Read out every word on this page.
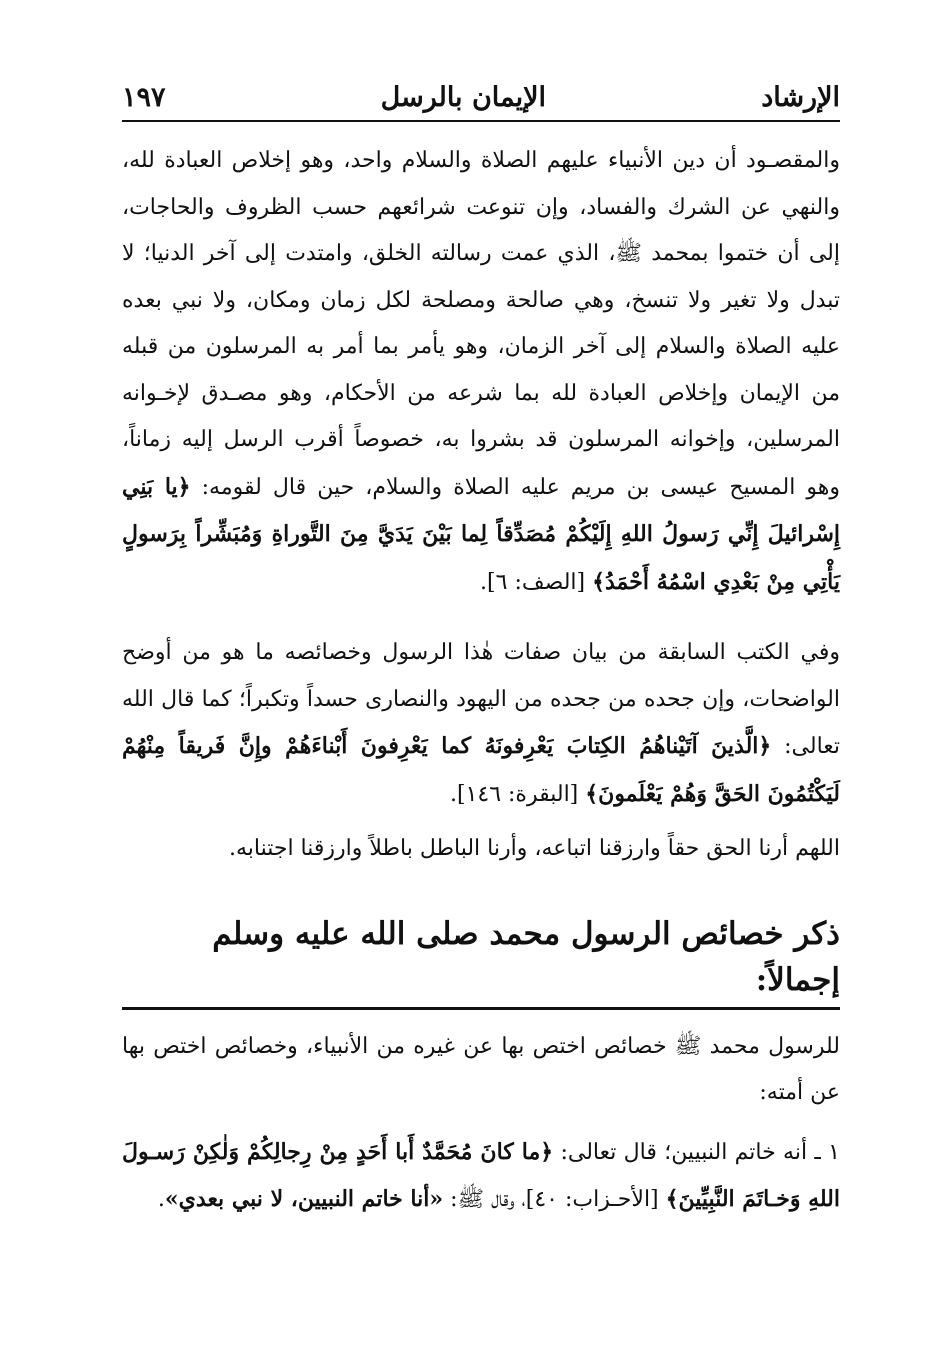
الإرشاد
الإيمان بالرسل
١٩٧

والمقصـود أن دين الأنبياء عليهم الصلاة والسلام واحد، وهو إخلاص العبادة لله، والنهي عن الشرك والفساد، وإن تنوعت شرائعهم حسب الظروف والحاجات، إلى أن ختموا بمحمد ﷺ، الذي عمت رسالته الخلق، وامتدت إلى آخر الدنيا؛ لا تبدل ولا تغير ولا تنسخ، وهي صالحة ومصلحة لكل زمان ومكان، ولا نبي بعده عليه الصلاة والسلام إلى آخر الزمان، وهو يأمر بما أمر به المرسلون من قبله من الإيمان وإخلاص العبادة لله بما شرعه من الأحكام، وهو مصـدق لإخـوانه المرسلين، وإخوانه المرسلون قد بشروا به، خصوصاً أقرب الرسل إليه زماناً، وهو المسيح عيسى بن مريم عليه الصلاة والسلام، حين قال لقومه: ﴿يا بَنِي إِسْرائيلَ إِنِّي رَسولُ اللهِ إِلَيْكُمْ مُصَدِّقاً لِما بَيْنَ يَدَيَّ مِنَ التَّوراةِ وَمُبَشِّراً بِرَسولٍ يَأْتِي مِنْ بَعْدِي اسْمُهُ أَحْمَدُ﴾ [الصف: ٦].

وفي الكتب السابقة من بيان صفات هٰذا الرسول وخصائصه ما هو من أوضح الواضحات، وإن جحده من جحده من اليهود والنصارى حسداً وتكبراً؛ كما قال الله تعالى: ﴿الَّذينَ آتَيْناهُمُ الكِتابَ يَعْرِفونَهُ كما يَعْرِفونَ أَبْناءَهُمْ وإِنَّ فَريقاً مِنْهُمْ لَيَكْتُمُونَ الحَقَّ وَهُمْ يَعْلَمونَ﴾ [البقرة: ١٤٦].

اللهم أرنا الحق حقاً وارزقنا اتباعه، وأرنا الباطل باطلاً وارزقنا اجتنابه.

ذكر خصائص الرسول محمد صلى الله عليه وسلم إجمالاً:

للرسول محمد ﷺ خصائص اختص بها عن غيره من الأنبياء، وخصائص اختص بها عن أمته:

١ ـ أنه خاتم النبيين؛ قال تعالى: ﴿ما كانَ مُحَمَّدٌ أَبا أَحَدٍ مِنْ رِجالِكُمْ وَلٰكِنْ رَسـولَ اللهِ وَخـاتَمَ النَّبِيِّينَ﴾ [الأحـزاب: ٤٠]، وقال ﷺ: «أنا خاتم النبيين، لا نبي بعدي».
